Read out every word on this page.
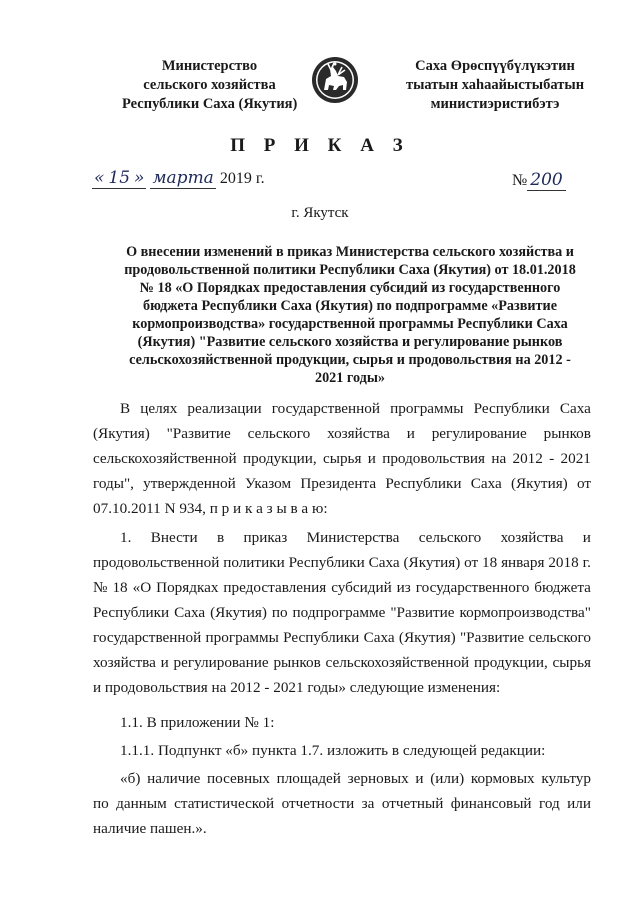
Министерство
сельского хозяйства
Республики Саха (Якутия)
Саха Өрөспүүбүлүкэтин
тыатын хаһаайыстыбатын
министиэристибэтэ
П Р И К А З
« 15 » марта 2019 г.	№ 200
г. Якутск
О внесении изменений в приказ Министерства сельского хозяйства и
продовольственной политики Республики Саха (Якутия) от 18.01.2018
№ 18 «О Порядках предоставления субсидий из государственного
бюджета Республики Саха (Якутия) по подпрограмме «Развитие
кормопроизводства» государственной программы Республики Саха
(Якутия) "Развитие сельского хозяйства и регулирование рынков
сельскохозяйственной продукции, сырья и продовольствия на 2012 -
2021 годы»
В целях реализации государственной программы Республики Саха
(Якутия) "Развитие сельского хозяйства и регулирование рынков
сельскохозяйственной продукции, сырья и продовольствия на 2012 - 2021
годы", утвержденной Указом Президента Республики Саха (Якутия) от
07.10.2011 N 934, п р и к а з ы в а ю:
1. Внести в приказ Министерства сельского хозяйства и
продовольственной политики Республики Саха (Якутия) от 18 января 2018 г.
№ 18 «О Порядках предоставления субсидий из государственного бюджета
Республики Саха (Якутия) по подпрограмме "Развитие кормопроизводства"
государственной программы Республики Саха (Якутия) "Развитие сельского
хозяйства и регулирование рынков сельскохозяйственной продукции, сырья
и продовольствия на 2012 - 2021 годы» следующие изменения:
1.1. В приложении № 1:
1.1.1. Подпункт «б» пункта 1.7. изложить в следующей редакции:
«б) наличие посевных площадей зерновых и (или) кормовых культур
по данным статистической отчетности за отчетный финансовый год или
наличие пашен.».
